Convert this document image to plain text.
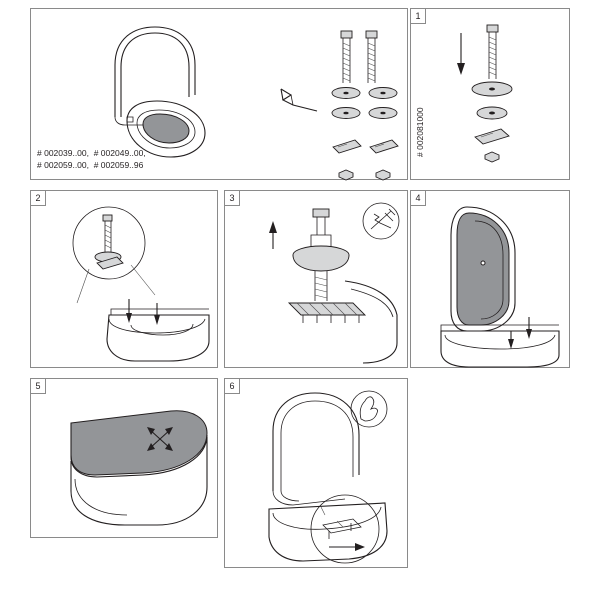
# 002039..00,  # 002049..00,
# 002059..00,  # 002059..96
1
# 002081000
2	3	4
5	6
